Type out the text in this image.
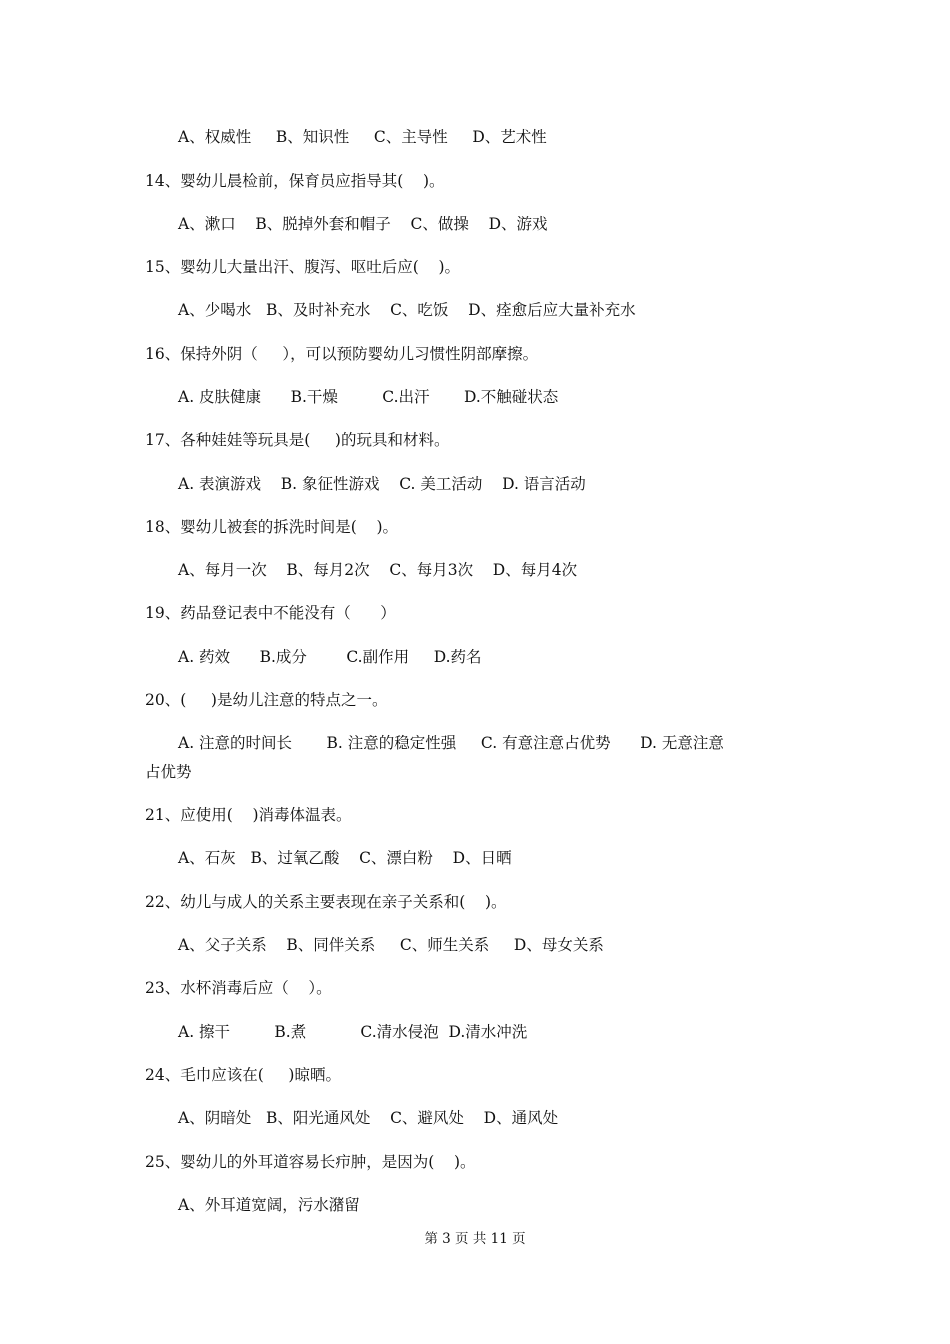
A、权威性     B、知识性     C、主导性     D、艺术性

14、婴幼儿晨检前，保育员应指导其(    )。

A、漱口    B、脱掉外套和帽子    C、做操    D、游戏

15、婴幼儿大量出汗、腹泻、呕吐后应(    )。

A、少喝水   B、及时补充水    C、吃饭    D、痊愈后应大量补充水

16、保持外阴（     ），可以预防婴幼儿习惯性阴部摩擦。

A. 皮肤健康      B.干燥         C.出汗       D.不触碰状态

17、各种娃娃等玩具是(     )的玩具和材料。

A. 表演游戏    B. 象征性游戏    C. 美工活动    D. 语言活动

18、婴幼儿被套的拆洗时间是(    )。

A、每月一次    B、每月2次    C、每月3次    D、每月4次

19、药品登记表中不能没有（      ）

A. 药效      B.成分        C.副作用     D.药名

20、(     )是幼儿注意的特点之一。

A. 注意的时间长       B. 注意的稳定性强     C. 有意注意占优势      D. 无意注意

占优势

21、应使用(    )消毒体温表。

A、石灰   B、过氧乙酸    C、漂白粉    D、日晒

22、幼儿与成人的关系主要表现在亲子关系和(    )。

A、父子关系    B、同伴关系     C、师生关系     D、母女关系

23、水杯消毒后应（    ）。

A. 擦干         B.煮           C.清水侵泡  D.清水冲洗

24、毛巾应该在(     )晾晒。

A、阴暗处   B、阳光通风处    C、避风处    D、通风处

25、婴幼儿的外耳道容易长疖肿，是因为(    )。

A、外耳道宽阔，污水潴留

第 3 页 共 11 页
